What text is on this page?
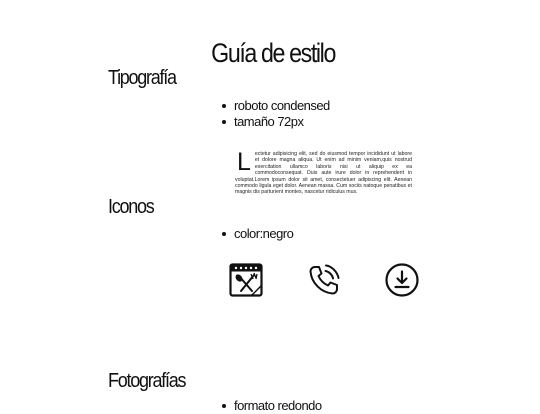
Guía de estilo
Tipografía
roboto condensed
tamaño 72px
Lectetur adipisicing elit, sed do eiusmod tempor incididunt ut labore et dolore magna aliqua. Ut enim ad minim veniam,quis nostrud exercitation ullamco laboris nisi ut aliquip ex ea commodoconsequat. Duis aute irure dolor in reprehenderit in voluptat.Lorem ipsum dolor sit amet, consectetuer adipiscing elit. Aenean commodo ligula eget dolor. Aenean massa. Cum sociis natoque penatibus et magnis dis parturient montes, nascetur ridiculus mus.
Iconos
color:negro
Fotografías
formato redondo
